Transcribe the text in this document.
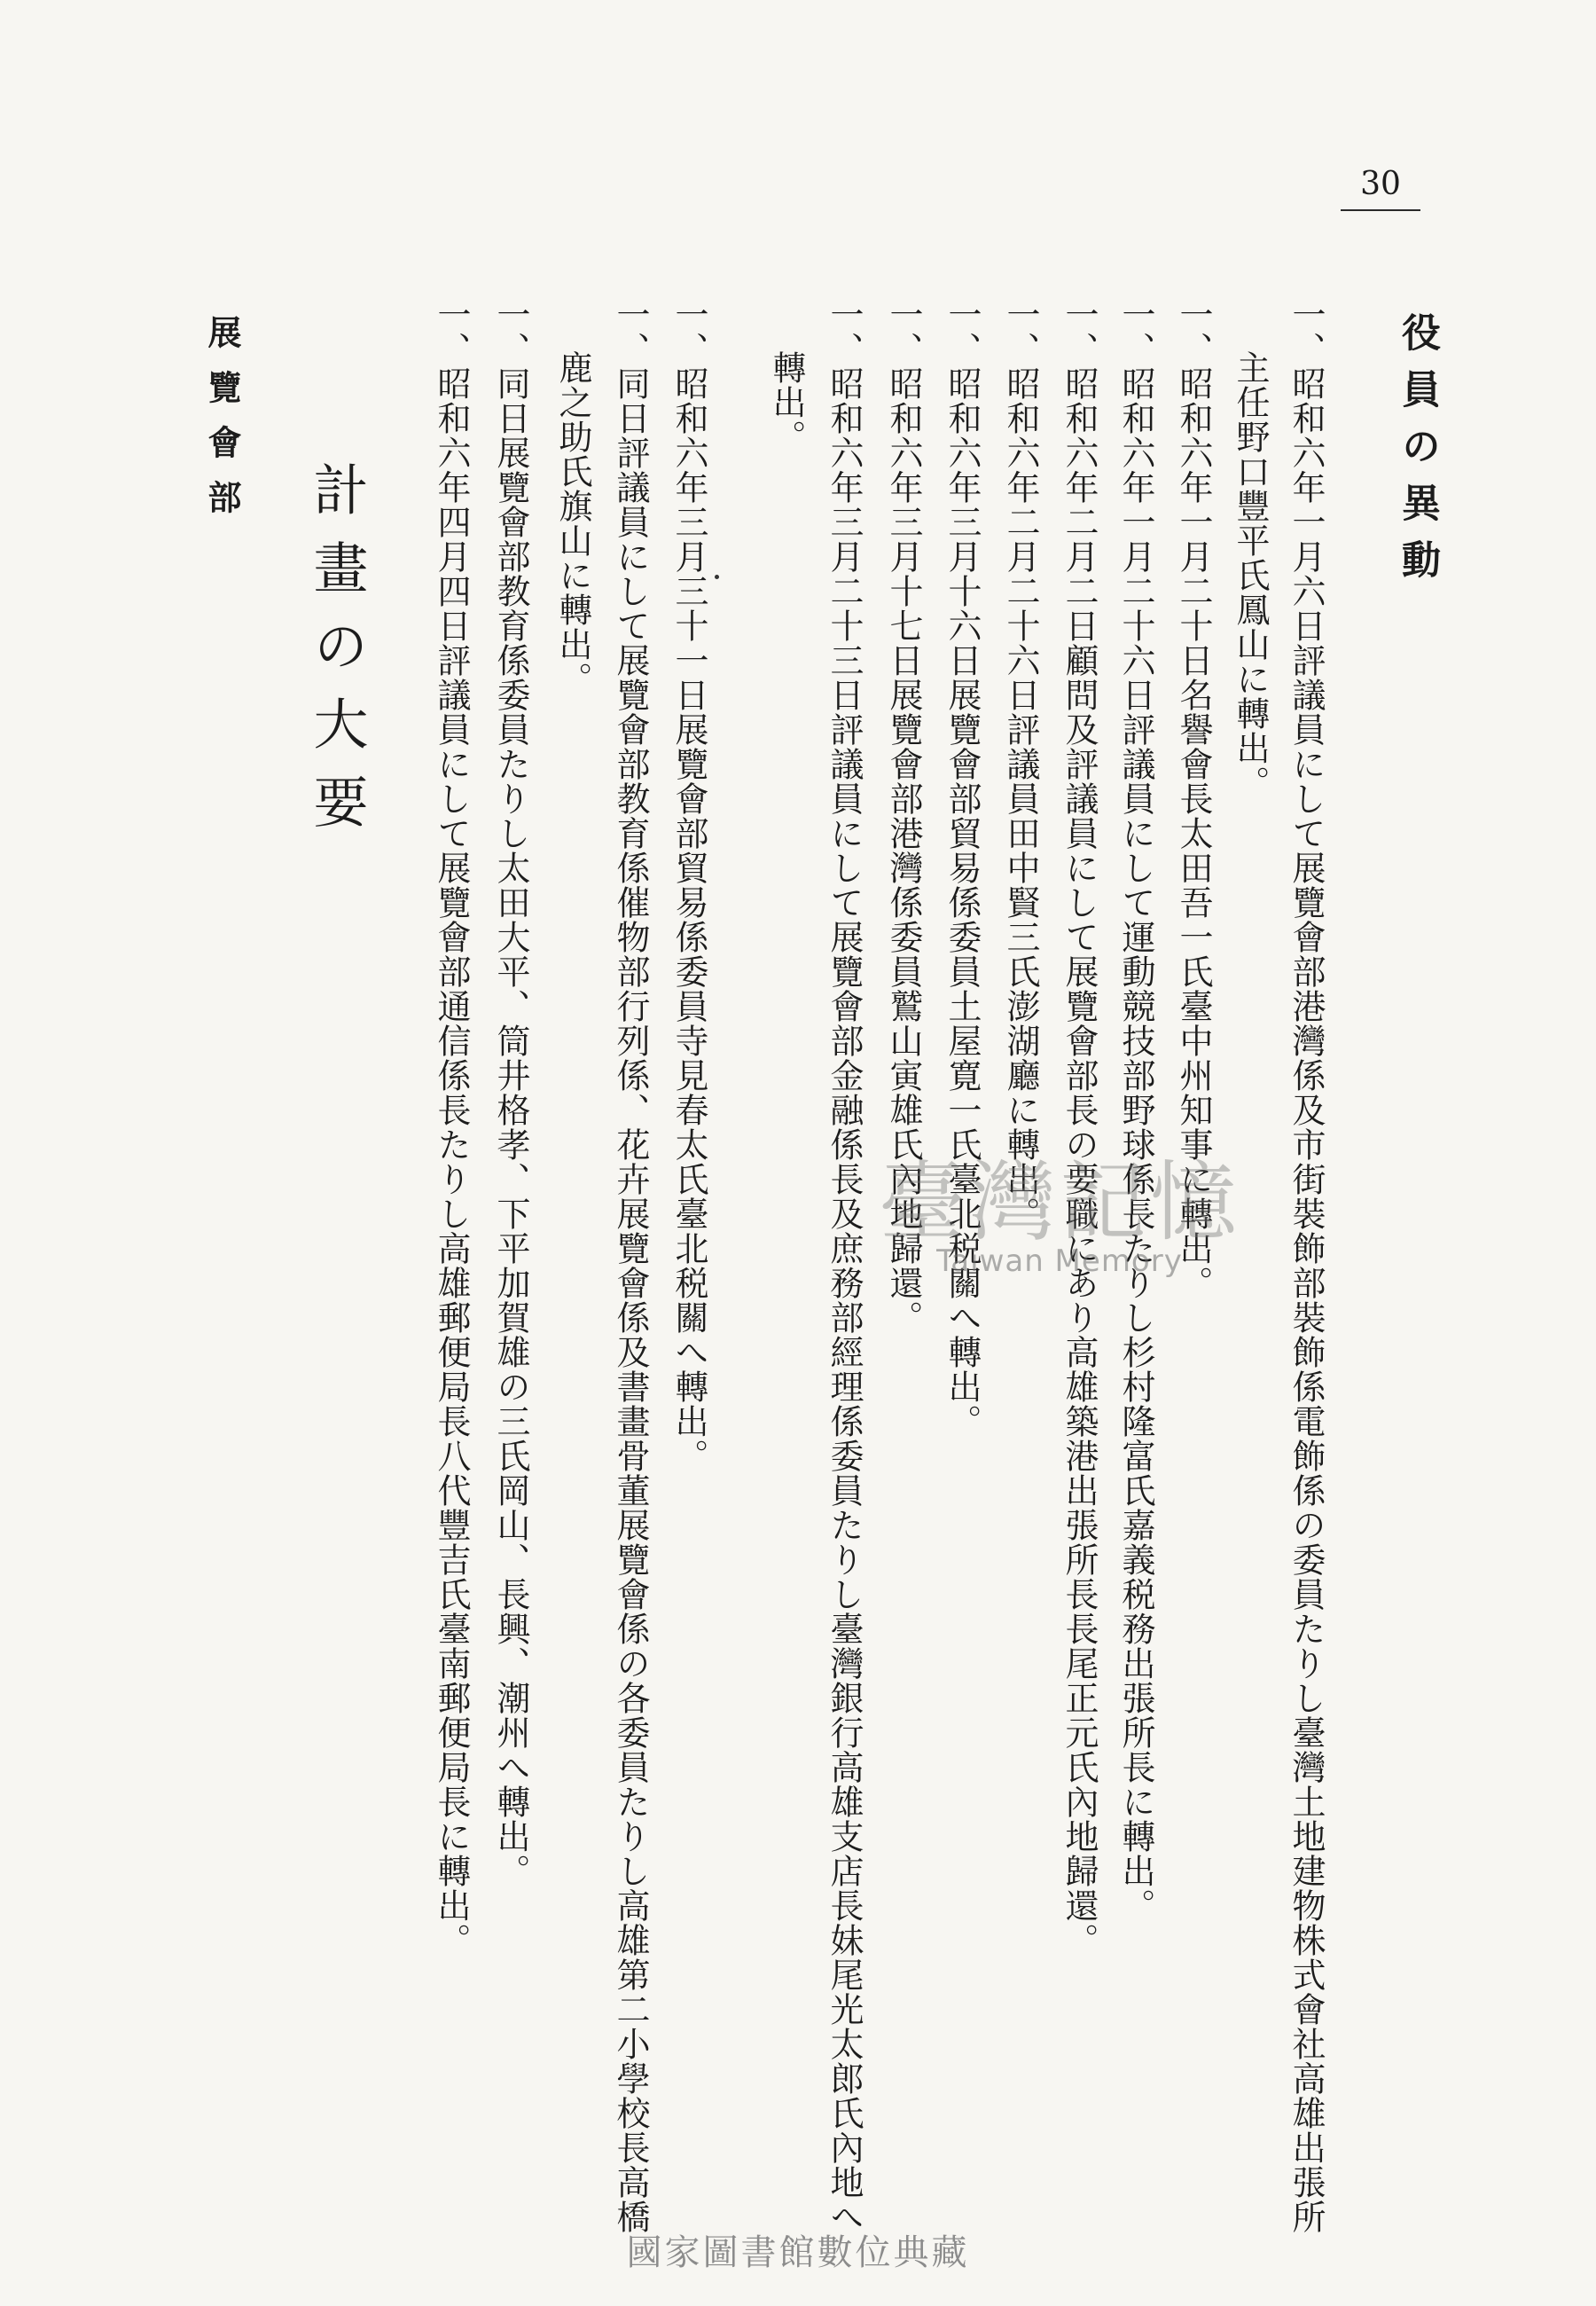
30
役員の異動
一、昭和六年一月六日評議員にして展覽會部港灣係及市街裝飾部裝飾係電飾係の委員たりし臺灣土地建物株式會社高雄出張所
主任野口豐平氏鳳山に轉出。
一、昭和六年一月二十日名譽會長太田吾一氏臺中州知事に轉出。
一、昭和六年一月二十六日評議員にして運動競技部野球係長たりし杉村隆富氏嘉義税務出張所長に轉出。
一、昭和六年二月二日顧問及評議員にして展覽會部長の要職にあり高雄築港出張所長長尾正元氏內地歸還。
一、昭和六年二月二十六日評議員田中賢三氏澎湖廳に轉出。
一、昭和六年三月十六日展覽會部貿易係委員土屋寛一氏臺北税關へ轉出。
一、昭和六年三月十七日展覽會部港灣係委員鷲山寅雄氏內地歸還。
一、昭和六年三月二十三日評議員にして展覽會部金融係長及庶務部經理係委員たりし臺灣銀行高雄支店長妹尾光太郎氏內地へ
轉出。
一、昭和六年三月三十一日展覽會部貿易係委員寺見春太氏臺北税關へ轉出。
一、同日評議員にして展覽會部教育係催物部行列係、花卉展覽會係及書畫骨董展覽會係の各委員たりし高雄第二小學校長高橋
鹿之助氏旗山に轉出。
一、同日展覽會部教育係委員たりし太田大平、筒井格孝、下平加賀雄の三氏岡山、長興、潮州へ轉出。
一、昭和六年四月四日評議員にして展覽會部通信係長たりし高雄郵便局長八代豐吉氏臺南郵便局長に轉出。
計畫の大要
展覽會部
臺灣記憶
Taiwan Memory
國家圖書館數位典藏
